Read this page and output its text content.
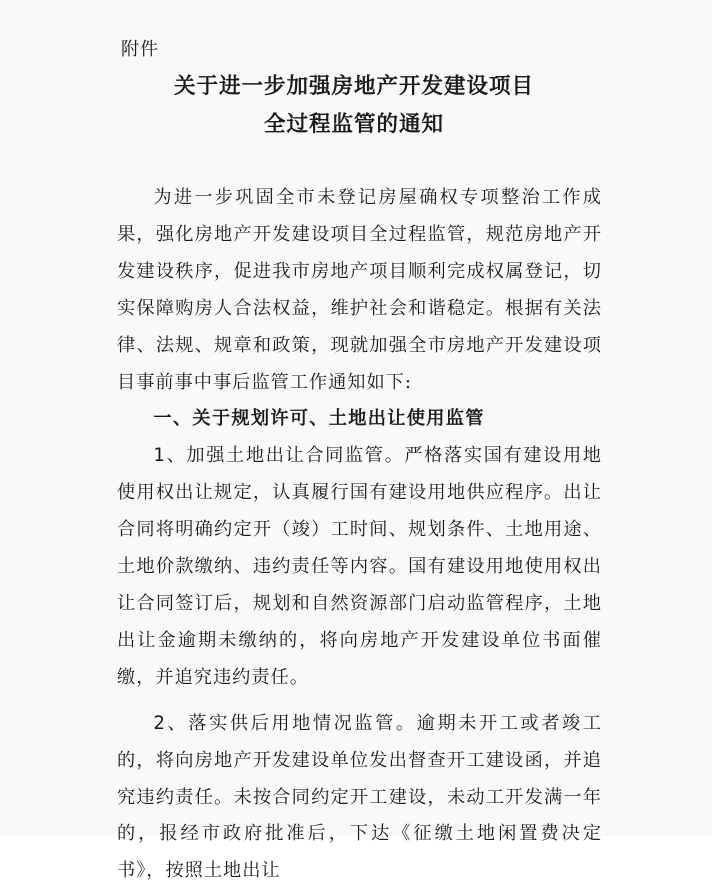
附件
关于进一步加强房地产开发建设项目
全过程监管的通知

为进一步巩固全市未登记房屋确权专项整治工作成果，强化房地产开发建设项目全过程监管，规范房地产开发建设秩序，促进我市房地产项目顺利完成权属登记，切实保障购房人合法权益，维护社会和谐稳定。根据有关法律、法规、规章和政策，现就加强全市房地产开发建设项目事前事中事后监管工作通知如下:

一、关于规划许可、土地出让使用监管

1、加强土地出让合同监管。严格落实国有建设用地使用权出让规定，认真履行国有建设用地供应程序。出让合同将明确约定开（竣）工时间、规划条件、土地用途、土地价款缴纳、违约责任等内容。国有建设用地使用权出让合同签订后，规划和自然资源部门启动监管程序，土地出让金逾期未缴纳的，将向房地产开发建设单位书面催缴，并追究违约责任。

2、落实供后用地情况监管。逾期未开工或者竣工的，将向房地产开发建设单位发出督查开工建设函，并追究违约责任。未按合同约定开工建设，未动工开发满一年的，报经市政府批准后，下达《征缴土地闲置费决定书》，按照土地出让
